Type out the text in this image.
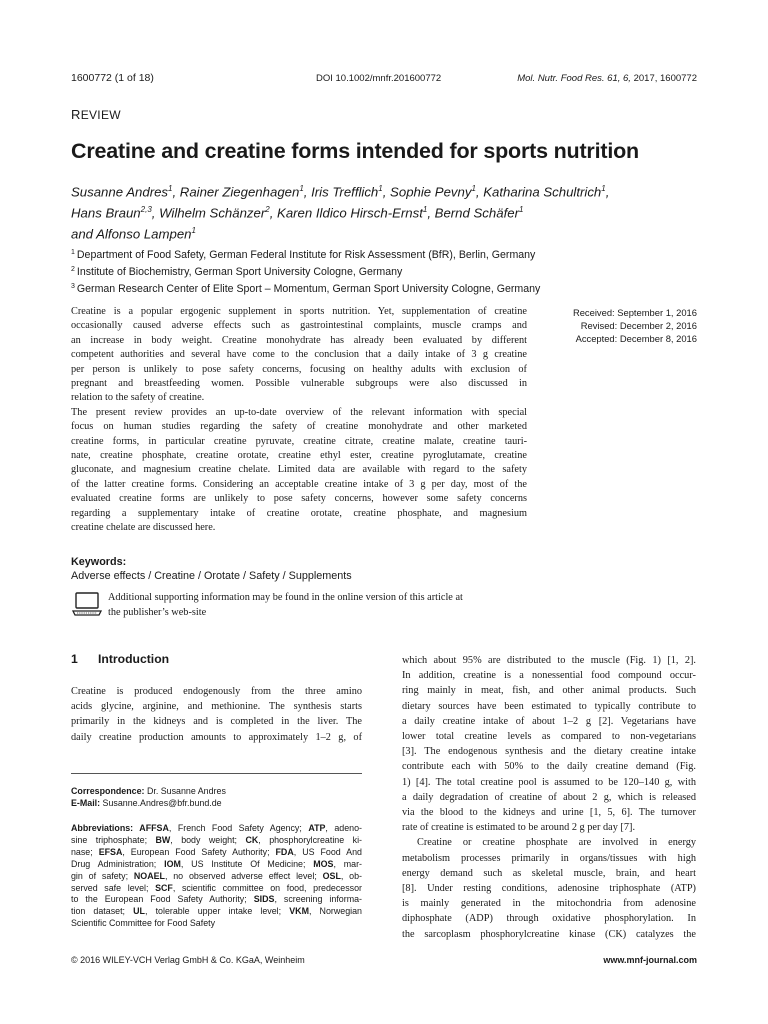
1600772 (1 of 18)	DOI 10.1002/mnfr.201600772	Mol. Nutr. Food Res. 61, 6, 2017, 1600772
REVIEW
Creatine and creatine forms intended for sports nutrition
Susanne Andres$^1$, Rainer Ziegenhagen$^1$, Iris Trefflich$^1$, Sophie Pevny$^1$, Katharina Schultrich$^1$,
Hans Braun$^{2,3}$, Wilhelm Schänzer$^2$, Karen Ildico Hirsch-Ernst$^1$, Bernd Schäfer$^1$
and Alfonso Lampen$^1$
$^1$ Department of Food Safety, German Federal Institute for Risk Assessment (BfR), Berlin, Germany
$^2$ Institute of Biochemistry, German Sport University Cologne, Germany
$^3$ German Research Center of Elite Sport – Momentum, German Sport University Cologne, Germany
Creatine is a popular ergogenic supplement in sports nutrition. Yet, supplementation of creatine
occasionally caused adverse effects such as gastrointestinal complaints, muscle cramps and
an increase in body weight. Creatine monohydrate has already been evaluated by different
competent authorities and several have come to the conclusion that a daily intake of 3 g creatine
per person is unlikely to pose safety concerns, focusing on healthy adults with exclusion of
pregnant and breastfeeding women. Possible vulnerable subgroups were also discussed in
relation to the safety of creatine.
The present review provides an up-to-date overview of the relevant information with special
focus on human studies regarding the safety of creatine monohydrate and other marketed
creatine forms, in particular creatine pyruvate, creatine citrate, creatine malate, creatine tauri-
nate, creatine phosphate, creatine orotate, creatine ethyl ester, creatine pyroglutamate, creatine
gluconate, and magnesium creatine chelate. Limited data are available with regard to the safety
of the latter creatine forms. Considering an acceptable creatine intake of 3 g per day, most of the
evaluated creatine forms are unlikely to pose safety concerns, however some safety concerns
regarding a supplementary intake of creatine orotate, creatine phosphate, and magnesium
creatine chelate are discussed here.
Received: September 1, 2016
Revised: December 2, 2016
Accepted: December 8, 2016
Keywords:
Adverse effects / Creatine / Orotate / Safety / Supplements
Additional supporting information may be found in the online version of this article at
the publisher’s web-site
1 Introduction
Creatine is produced endogenously from the three amino
acids glycine, arginine, and methionine. The synthesis starts
primarily in the kidneys and is completed in the liver. The
daily creatine production amounts to approximately 1–2 g, of
Correspondence: Dr. Susanne Andres
E-Mail: Susanne.Andres@bfr.bund.de
Abbreviations: AFFSA, French Food Safety Agency; ATP, adeno-
sine triphosphate; BW, body weight; CK, phosphorylcreatine ki-
nase; EFSA, European Food Safety Authority; FDA, US Food And
Drug Administration; IOM, US Institute Of Medicine; MOS, mar-
gin of safety; NOAEL, no observed adverse effect level; OSL, ob-
served safe level; SCF, scientific committee on food, predecessor
to the European Food Safety Authority; SIDS, screening informa-
tion dataset; UL, tolerable upper intake level; VKM, Norwegian
Scientific Committee for Food Safety
which about 95% are distributed to the muscle (Fig. 1) [1, 2].
In addition, creatine is a nonessential food compound occur-
ring mainly in meat, fish, and other animal products. Such
dietary sources have been estimated to typically contribute to
a daily creatine intake of about 1–2 g [2]. Vegetarians have
lower total creatine levels as compared to non-vegetarians
[3]. The endogenous synthesis and the dietary creatine intake
contribute each with 50% to the daily creatine demand (Fig.
1) [4]. The total creatine pool is assumed to be 120–140 g, with
a daily degradation of creatine of about 2 g, which is released
via the blood to the kidneys and urine [1, 5, 6]. The turnover
rate of creatine is estimated to be around 2 g per day [7].
Creatine or creatine phosphate are involved in energy
metabolism processes primarily in organs/tissues with high
energy demand such as skeletal muscle, brain, and heart
[8]. Under resting conditions, adenosine triphosphate (ATP)
is mainly generated in the mitochondria from adenosine
diphosphate (ADP) through oxidative phosphorylation. In
the sarcoplasm phosphorylcreatine kinase (CK) catalyzes the
© 2016 WILEY-VCH Verlag GmbH & Co. KGaA, Weinheim	www.mnf-journal.com
